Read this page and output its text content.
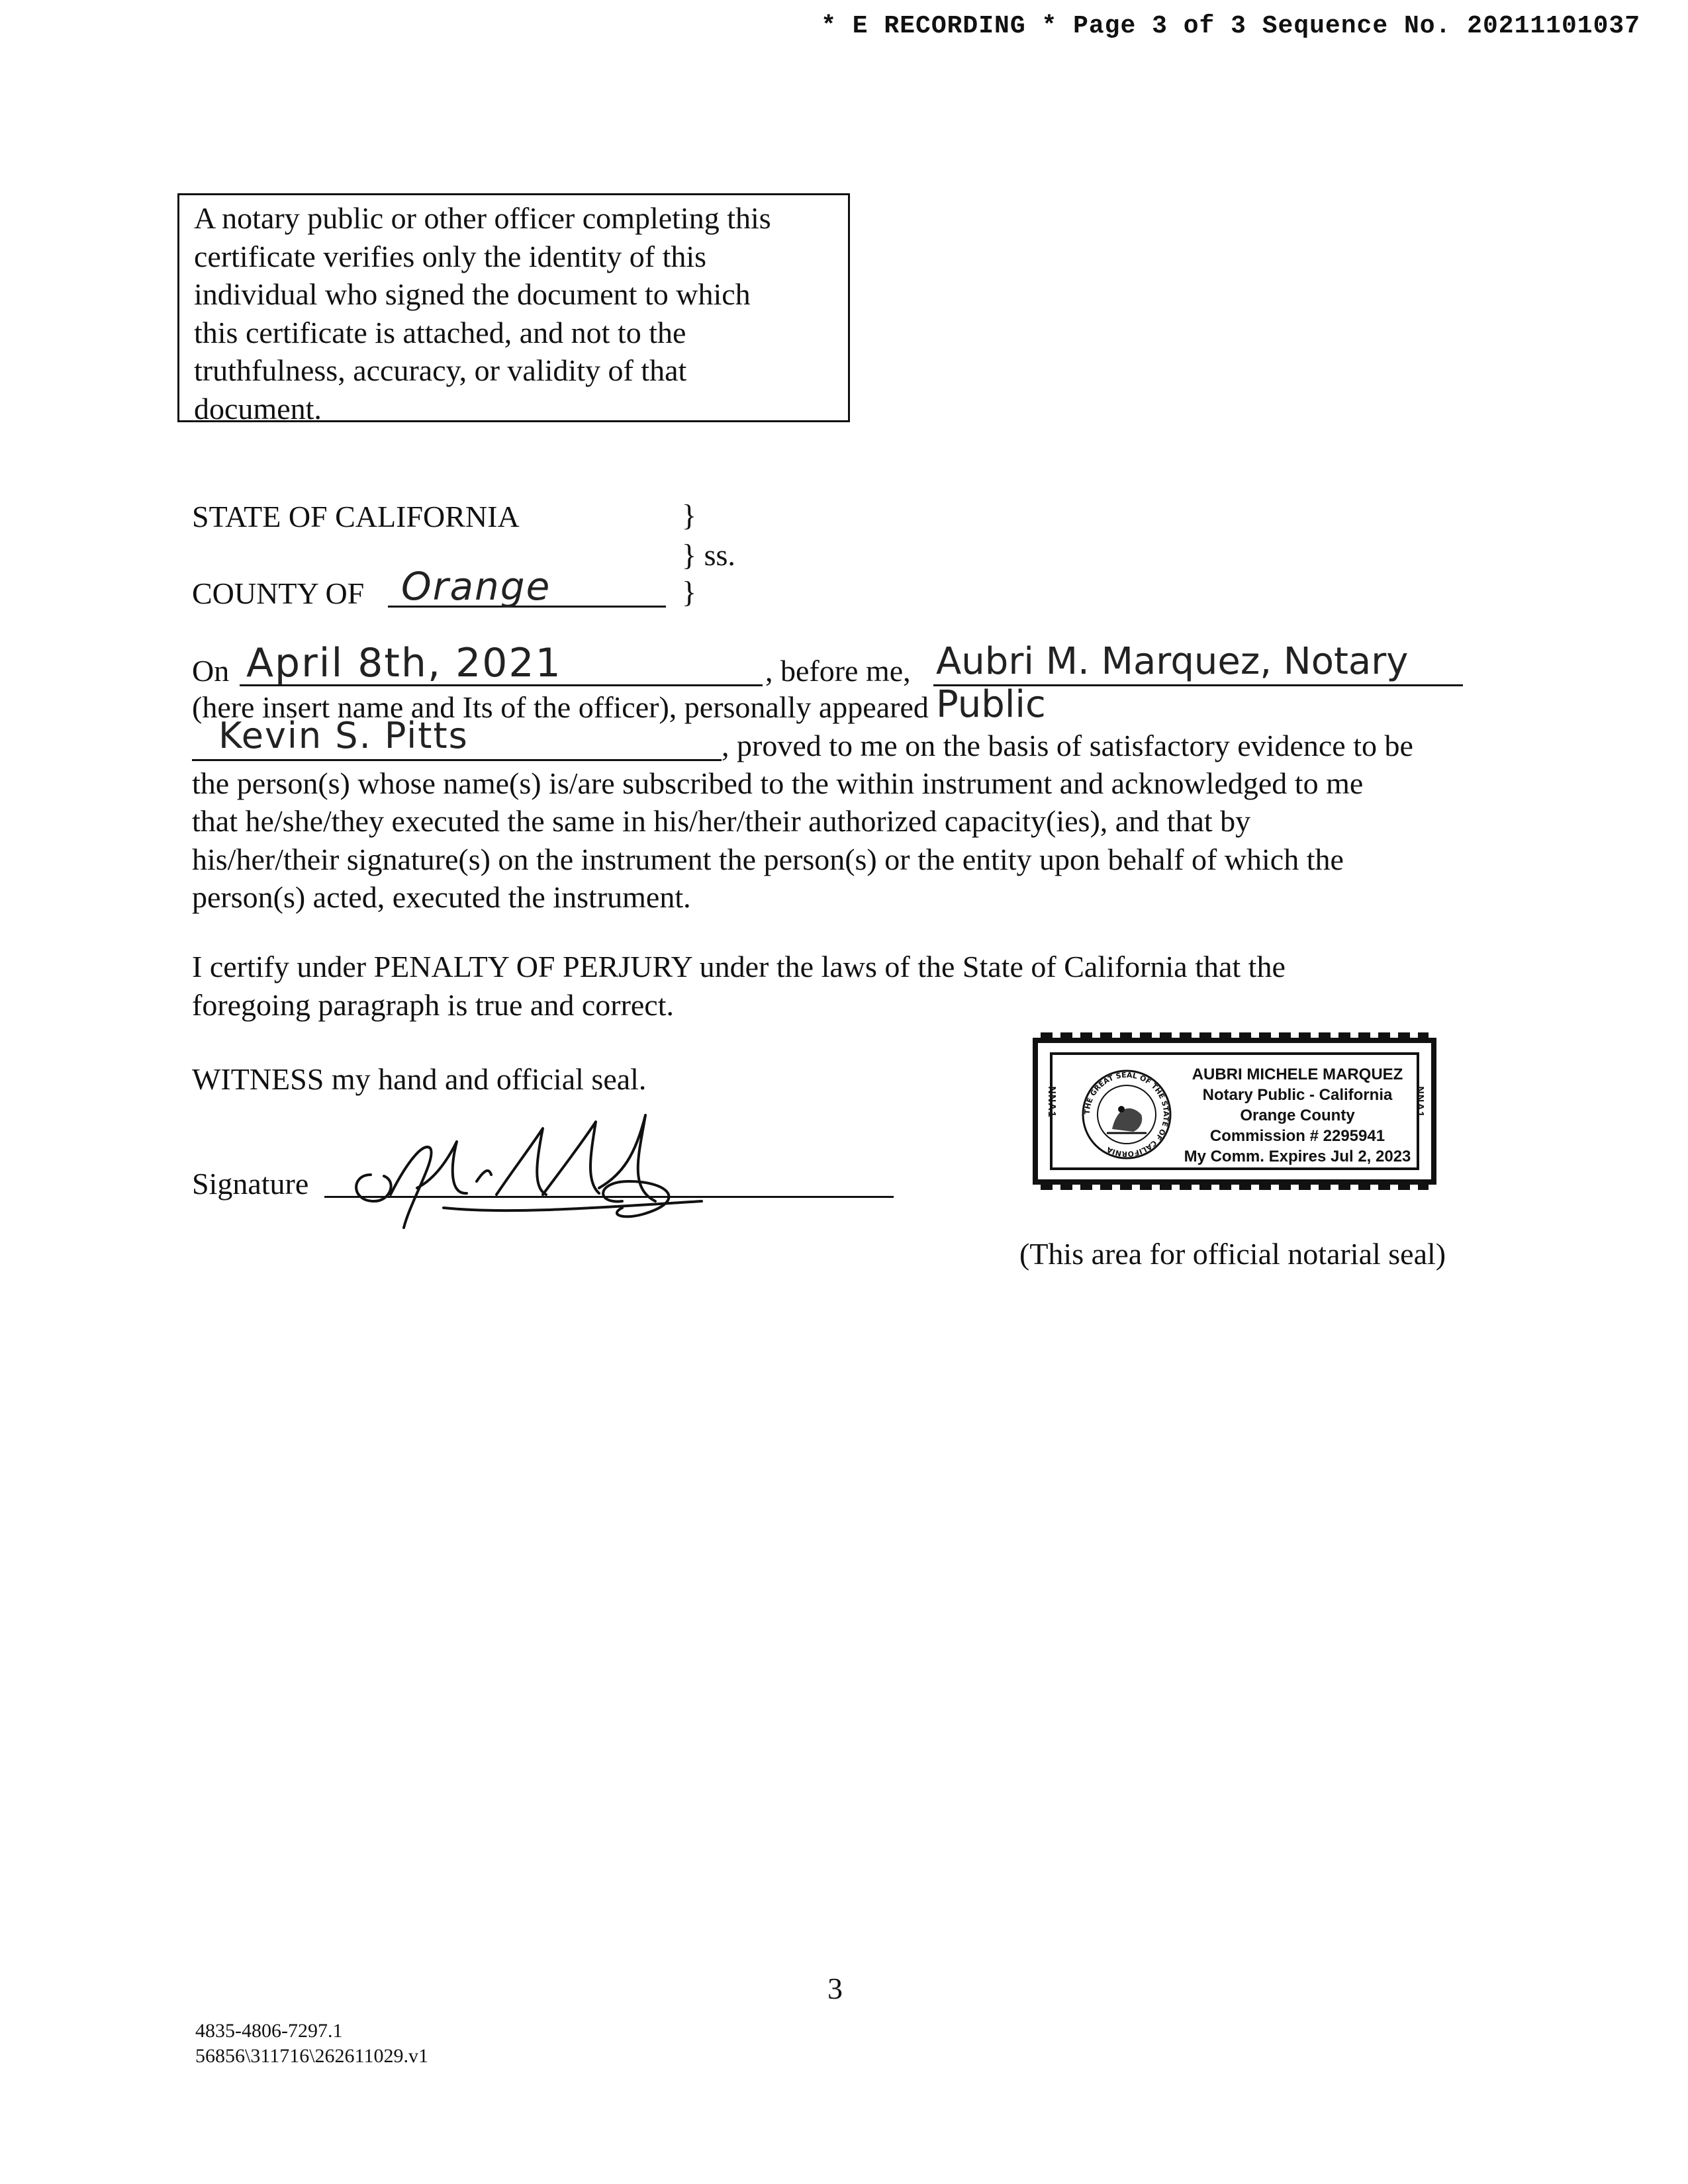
* E RECORDING * Page 3 of 3 Sequence No. 20211101037
A notary public or other officer completing this
certificate verifies only the identity of this
individual who signed the document to which
this certificate is attached, and not to the
truthfulness, accuracy, or validity of that
document.
STATE OF CALIFORNIA	}
} ss.
COUNTY OF Orange	}
On April 8th, 2021	, before me, Aubri M. Marquez, Notary Public
(here insert name and Its of the officer), personally appeared
Kevin S. Pitts	, proved to me on the basis of satisfactory evidence to be
the person(s) whose name(s) is/are subscribed to the within instrument and acknowledged to me
that he/she/they executed the same in his/her/their authorized capacity(ies), and that by
his/her/their signature(s) on the instrument the person(s) or the entity upon behalf of which the
person(s) acted, executed the instrument.
I certify under PENALTY OF PERJURY under the laws of the State of California that the
foregoing paragraph is true and correct.
WITNESS my hand and official seal.
Signature
THE GREAT SEAL OF THE STATE OF CALIFORNIA
AUBRI MICHELE MARQUEZ
Notary Public - California
Orange County
Commission # 2295941
My Comm. Expires Jul 2, 2023
NNA1	NNA1
(This area for official notarial seal)
3
4835-4806-7297.1
56856\311716\262611029.v1
